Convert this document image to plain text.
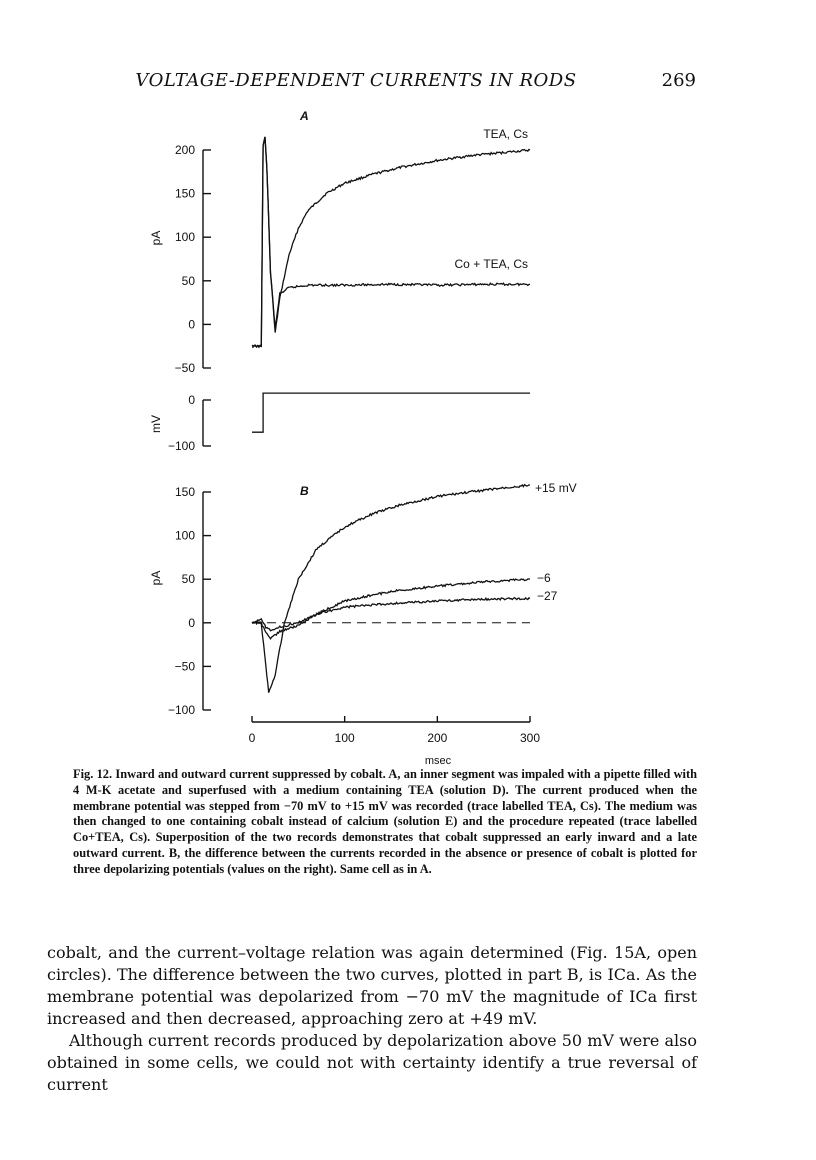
VOLTAGE-DEPENDENT CURRENTS IN RODS	269
200
150
100
50
0
−50
pA
A
TEA, Cs
Co + TEA, Cs
0
−100
mV
150
100
50
0
−50
−100
pA
B
0	100	200	300
msec
+15 mV
−6
−27
Fig. 12. Inward and outward current suppressed by cobalt. A, an inner segment was impaled with a pipette filled with 4 M-K acetate and superfused with a medium containing TEA (solution D). The current produced when the membrane potential was stepped from −70 mV to +15 mV was recorded (trace labelled TEA, Cs). The medium was then changed to one containing cobalt instead of calcium (solution E) and the procedure repeated (trace labelled Co+TEA, Cs). Superposition of the two records demonstrates that cobalt suppressed an early inward and a late outward current. B, the difference between the currents recorded in the absence or presence of cobalt is plotted for three depolarizing potentials (values on the right). Same cell as in A.

cobalt, and the current–voltage relation was again determined (Fig. 15A, open circles). The difference between the two curves, plotted in part B, is ICa. As the membrane potential was depolarized from −70 mV the magnitude of ICa first increased and then decreased, approaching zero at +49 mV.

Although current records produced by depolarization above 50 mV were also obtained in some cells, we could not with certainty identify a true reversal of current
